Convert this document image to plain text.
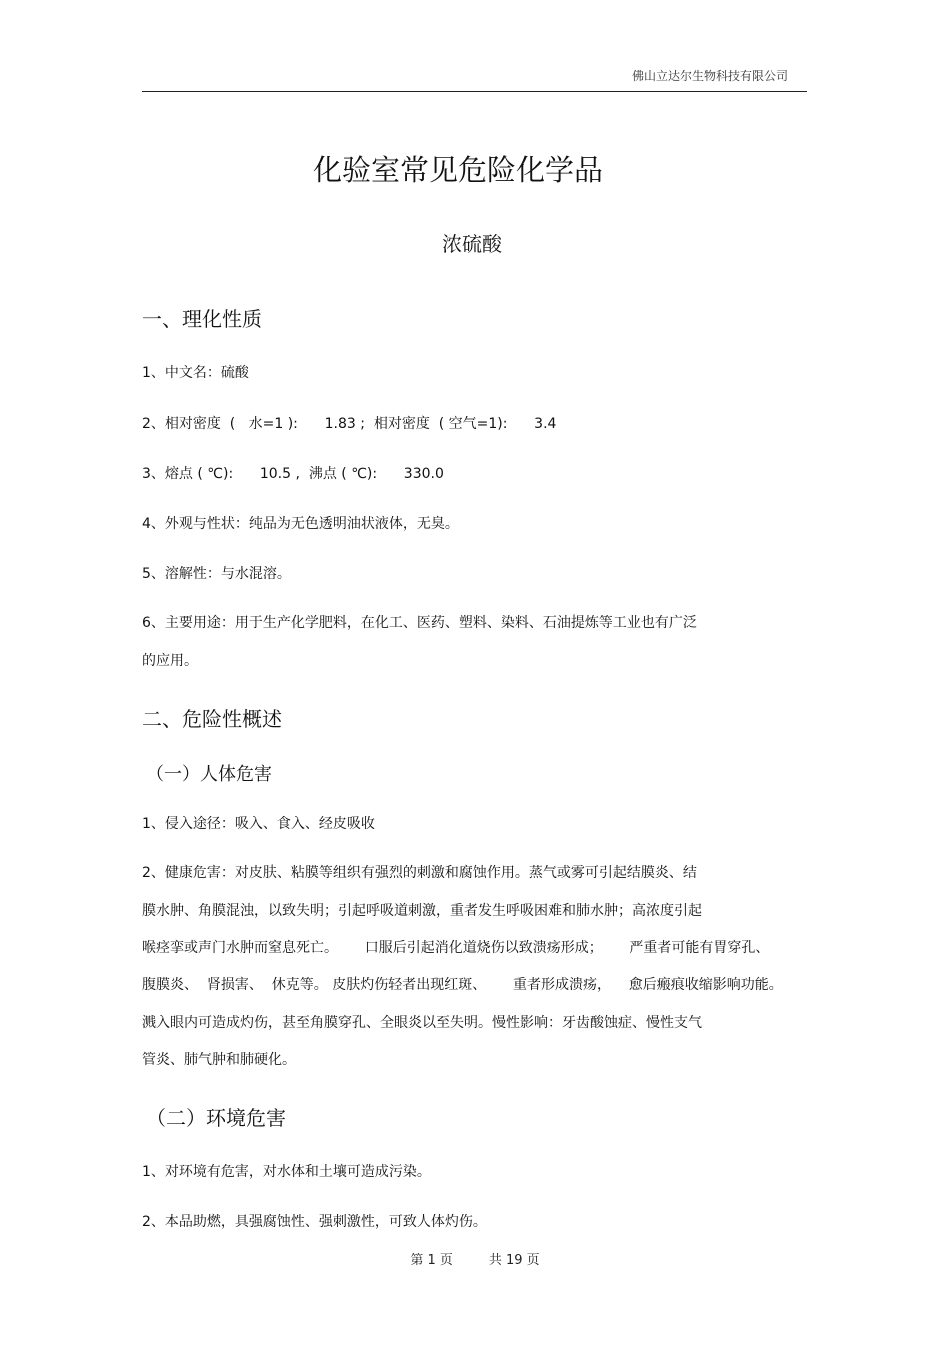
佛山立达尔生物科技有限公司
化验室常见危险化学品
浓硫酸
一、理化性质
1、中文名：硫酸
2、相对密度  (   水=1 ):      1.83 ;  相对密度  ( 空气=1):      3.4
3、熔点 ( ℃):      10.5 ,  沸点 ( ℃):      330.0
4、外观与性状：纯品为无色透明油状液体，无臭。
5、溶解性：与水混溶。
6、主要用途：用于生产化学肥料，在化工、医药、塑料、染料、石油提炼等工业也有广泛
的应用。
二、危险性概述
（一）人体危害
1、侵入途径：吸入、食入、经皮吸收
2、健康危害：对皮肤、粘膜等组织有强烈的刺激和腐蚀作用。蒸气或雾可引起结膜炎、结
膜水肿、角膜混浊，以致失明；引起呼吸道刺激，重者发生呼吸困难和肺水肿；高浓度引起
喉痉挛或声门水肿而窒息死亡。      口服后引起消化道烧伤以致溃疡形成；      严重者可能有胃穿孔、
腹膜炎、  肾损害、  休克等。 皮肤灼伤轻者出现红斑、      重者形成溃疡，    愈后瘢痕收缩影响功能。
溅入眼内可造成灼伤，甚至角膜穿孔、全眼炎以至失明。慢性影响：牙齿酸蚀症、慢性支气
管炎、肺气肿和肺硬化。
（二）环境危害
1、对环境有危害，对水体和土壤可造成污染。
2、本品助燃，具强腐蚀性、强刺激性，可致人体灼伤。
第 1 页	共 19 页
